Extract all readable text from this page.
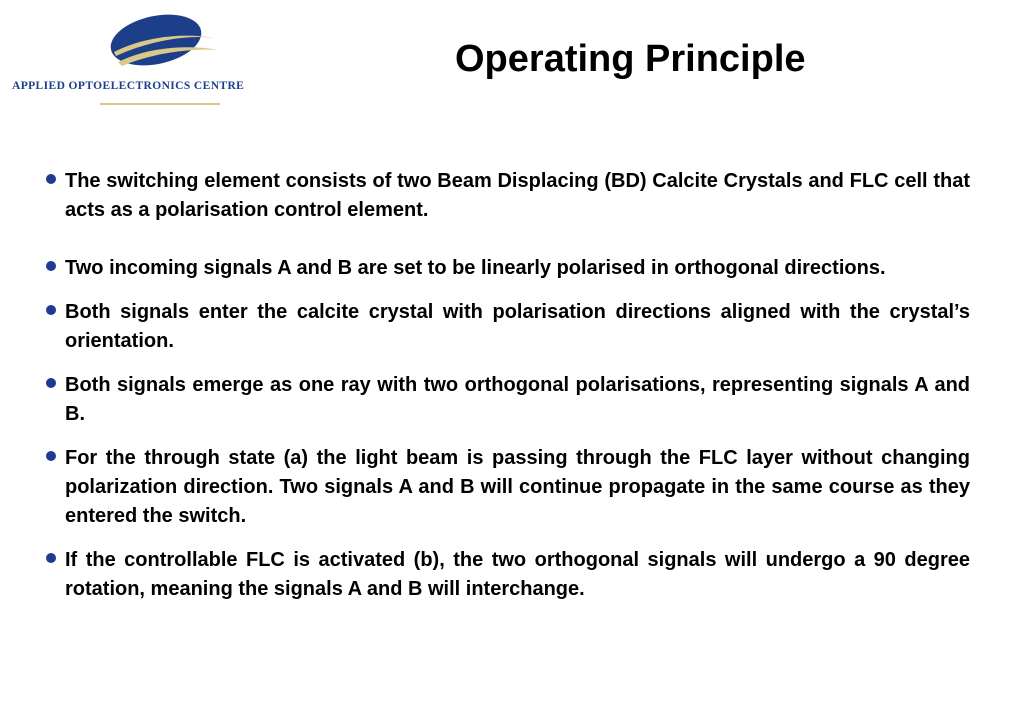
APPLIED OPTOELECTRONICS CENTRE
Operating Principle
The switching element consists of two Beam Displacing (BD) Calcite Crystals and FLC cell that acts as a polarisation control element.
Two incoming signals A and B are set to be linearly polarised in orthogonal directions.
Both signals enter the calcite crystal with polarisation directions aligned with the crystal’s orientation.
Both signals emerge as one ray with two orthogonal polarisations, representing signals A and B.
For the through state (a) the light beam is passing through the FLC layer without changing polarization direction. Two signals A and B will continue propagate in the same course as they entered the switch.
If the controllable FLC is activated (b), the two orthogonal signals will undergo a 90 degree rotation, meaning the signals A and B will interchange.
